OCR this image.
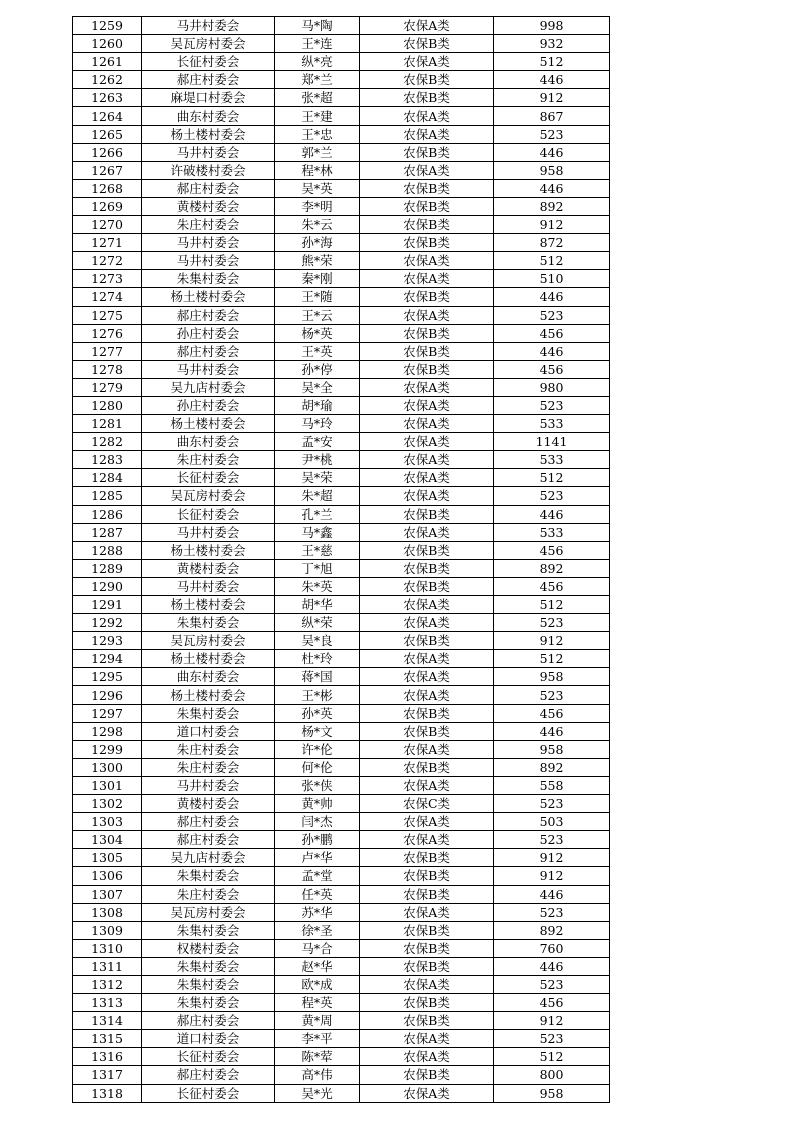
1259	马井村委会	马*陶	农保A类	998
1260	吴瓦房村委会	王*连	农保B类	932
1261	长征村委会	纵*亮	农保A类	512
1262	郝庄村委会	郑*兰	农保B类	446
1263	麻堤口村委会	张*超	农保B类	912
1264	曲东村委会	王*建	农保A类	867
1265	杨土楼村委会	王*忠	农保A类	523
1266	马井村委会	郭*兰	农保B类	446
1267	许破楼村委会	程*林	农保A类	958
1268	郝庄村委会	吴*英	农保B类	446
1269	黄楼村委会	李*明	农保B类	892
1270	朱庄村委会	朱*云	农保B类	912
1271	马井村委会	孙*海	农保B类	872
1272	马井村委会	熊*荣	农保A类	512
1273	朱集村委会	秦*刚	农保A类	510
1274	杨土楼村委会	王*随	农保B类	446
1275	郝庄村委会	王*云	农保A类	523
1276	孙庄村委会	杨*英	农保B类	456
1277	郝庄村委会	王*英	农保B类	446
1278	马井村委会	孙*停	农保B类	456
1279	吴九店村委会	吴*全	农保A类	980
1280	孙庄村委会	胡*瑜	农保A类	523
1281	杨土楼村委会	马*玲	农保A类	533
1282	曲东村委会	孟*安	农保A类	1141
1283	朱庄村委会	尹*桃	农保A类	533
1284	长征村委会	吴*荣	农保A类	512
1285	吴瓦房村委会	朱*超	农保A类	523
1286	长征村委会	孔*兰	农保B类	446
1287	马井村委会	马*鑫	农保A类	533
1288	杨土楼村委会	王*慈	农保B类	456
1289	黄楼村委会	丁*旭	农保B类	892
1290	马井村委会	朱*英	农保B类	456
1291	杨土楼村委会	胡*华	农保A类	512
1292	朱集村委会	纵*荣	农保A类	523
1293	吴瓦房村委会	吴*良	农保B类	912
1294	杨土楼村委会	杜*玲	农保A类	512
1295	曲东村委会	蒋*国	农保A类	958
1296	杨土楼村委会	王*彬	农保A类	523
1297	朱集村委会	孙*英	农保B类	456
1298	道口村委会	杨*文	农保B类	446
1299	朱庄村委会	许*伦	农保A类	958
1300	朱庄村委会	何*伦	农保B类	892
1301	马井村委会	张*侠	农保A类	558
1302	黄楼村委会	黄*帅	农保C类	523
1303	郝庄村委会	闫*杰	农保A类	503
1304	郝庄村委会	孙*鹏	农保A类	523
1305	吴九店村委会	卢*华	农保B类	912
1306	朱集村委会	孟*堂	农保B类	912
1307	朱庄村委会	任*英	农保B类	446
1308	吴瓦房村委会	苏*华	农保A类	523
1309	朱集村委会	徐*圣	农保B类	892
1310	权楼村委会	马*合	农保B类	760
1311	朱集村委会	赵*华	农保B类	446
1312	朱集村委会	欧*成	农保A类	523
1313	朱集村委会	程*英	农保B类	456
1314	郝庄村委会	黄*周	农保B类	912
1315	道口村委会	李*平	农保A类	523
1316	长征村委会	陈*荤	农保A类	512
1317	郝庄村委会	高*伟	农保B类	800
1318	长征村委会	吴*光	农保A类	958
